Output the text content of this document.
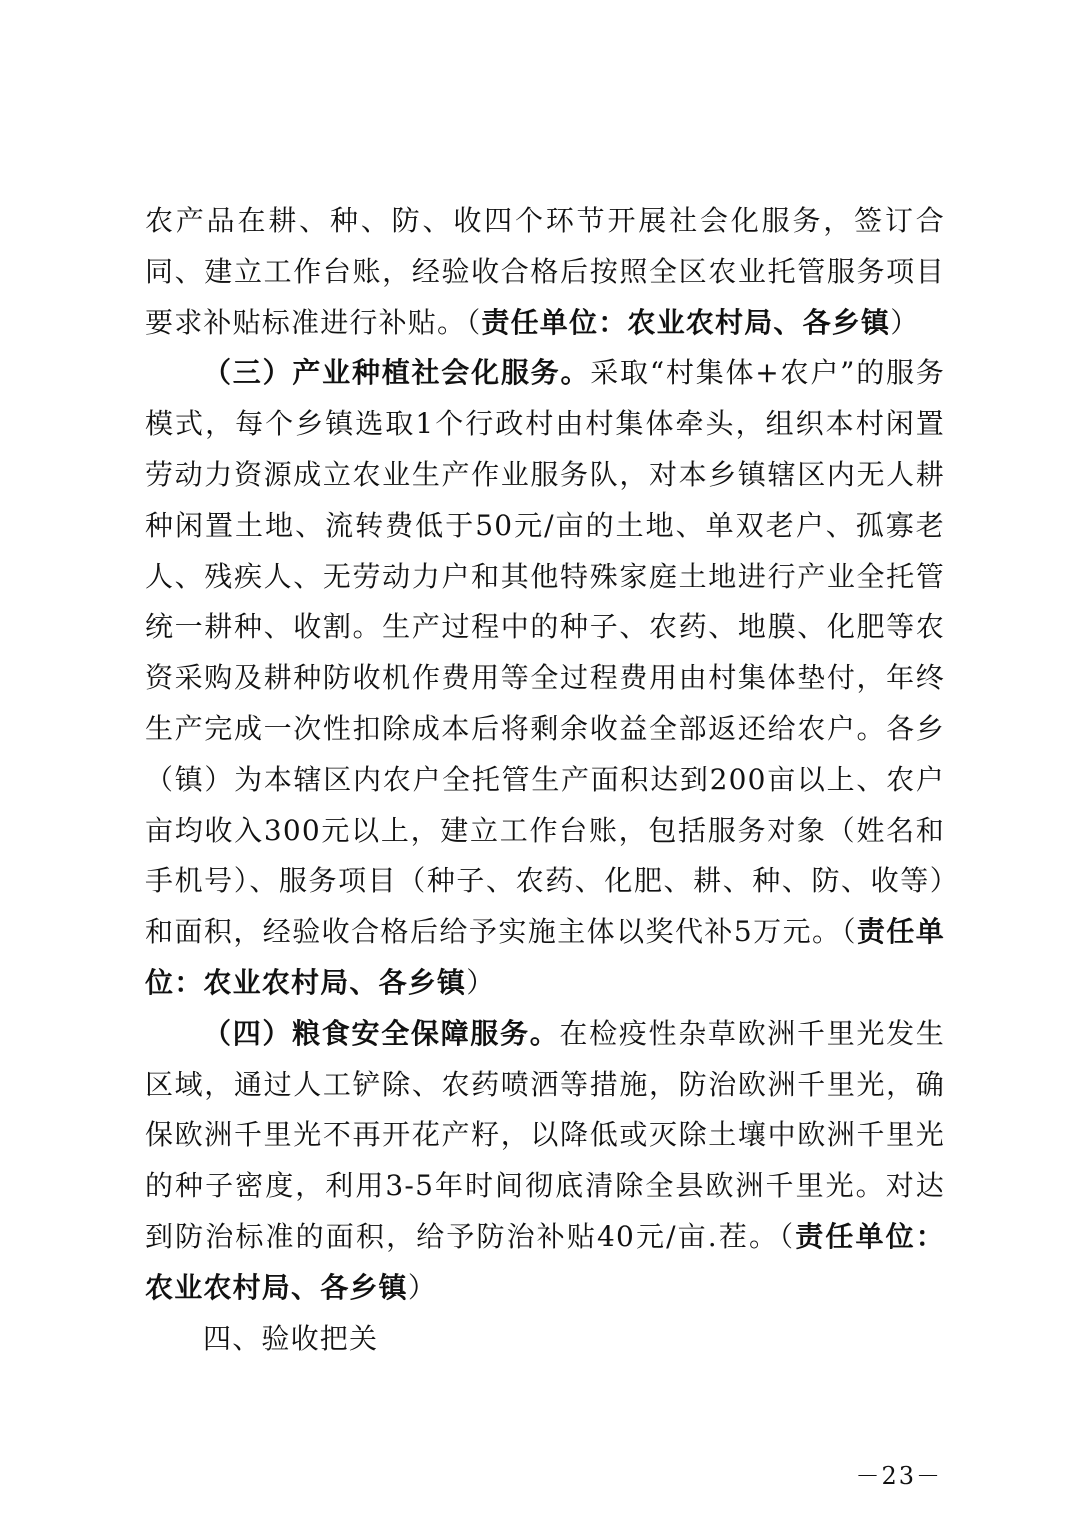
农产品在耕、种、防、收四个环节开展社会化服务，签订合同、建立工作台账，经验收合格后按照全区农业托管服务项目要求补贴标准进行补贴。（责任单位：农业农村局、各乡镇）

（三）产业种植社会化服务。采取“村集体+农户”的服务模式，每个乡镇选取1个行政村由村集体牵头，组织本村闲置劳动力资源成立农业生产作业服务队，对本乡镇辖区内无人耕种闲置土地、流转费低于50元/亩的土地、单双老户、孤寡老人、残疾人、无劳动力户和其他特殊家庭土地进行产业全托管统一耕种、收割。生产过程中的种子、农药、地膜、化肥等农资采购及耕种防收机作费用等全过程费用由村集体垫付，年终生产完成一次性扣除成本后将剩余收益全部返还给农户。各乡（镇）为本辖区内农户全托管生产面积达到200亩以上、农户亩均收入300元以上，建立工作台账，包括服务对象（姓名和手机号）、服务项目（种子、农药、化肥、耕、种、防、收等）和面积，经验收合格后给予实施主体以奖代补5万元。（责任单位：农业农村局、各乡镇）

（四）粮食安全保障服务。在检疫性杂草欧洲千里光发生区域，通过人工铲除、农药喷洒等措施，防治欧洲千里光，确保欧洲千里光不再开花产籽，以降低或灭除土壤中欧洲千里光的种子密度，利用3-5年时间彻底清除全县欧洲千里光。对达到防治标准的面积，给予防治补贴40元/亩.茬。（责任单位：农业农村局、各乡镇）

四、验收把关

－23－
